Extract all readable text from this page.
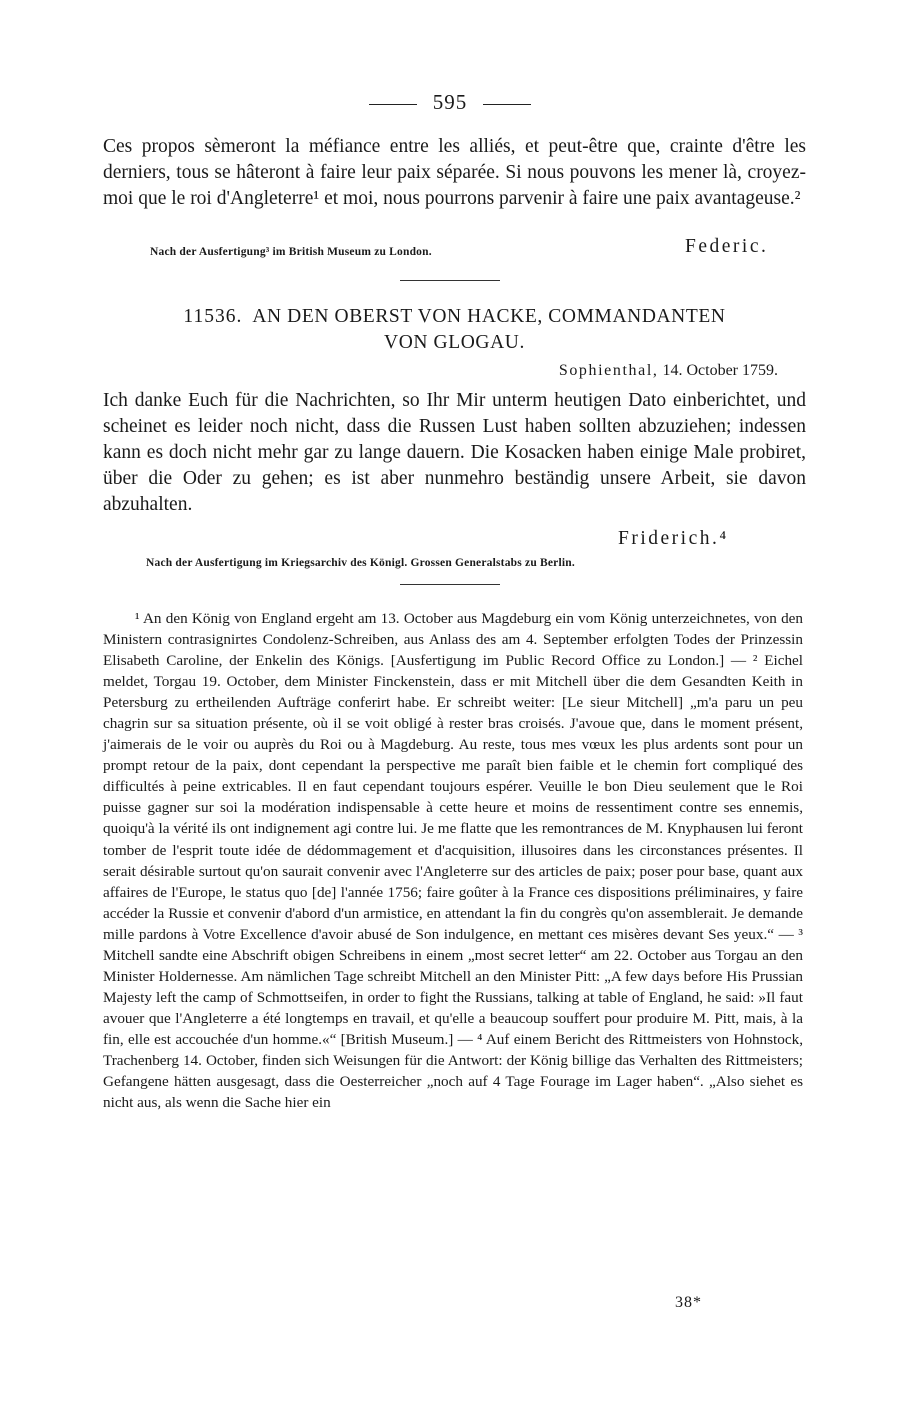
595
Ces propos sèmeront la méfiance entre les alliés, et peut-être que, crainte d'être les derniers, tous se hâteront à faire leur paix séparée. Si nous pouvons les mener là, croyez-moi que le roi d'Angleterre¹ et moi, nous pourrons parvenir à faire une paix avantageuse.²
Nach der Ausfertigung³ im British Museum zu London.	Federic.
11536. AN DEN OBERST VON HACKE, COMMANDANTEN
VON GLOGAU.
Sophienthal, 14. October 1759.
Ich danke Euch für die Nachrichten, so Ihr Mir unterm heutigen Dato einberichtet, und scheinet es leider noch nicht, dass die Russen Lust haben sollten abzuziehen; indessen kann es doch nicht mehr gar zu lange dauern. Die Kosacken haben einige Male probiret, über die Oder zu gehen; es ist aber nunmehro beständig unsere Arbeit, sie davon abzuhalten.
Friderich.⁴
Nach der Ausfertigung im Kriegsarchiv des Königl. Grossen Generalstabs zu Berlin.
¹ An den König von England ergeht am 13. October aus Magdeburg ein vom König unterzeichnetes, von den Ministern contrasignirtes Condolenz-Schreiben, aus Anlass des am 4. September erfolgten Todes der Prinzessin Elisabeth Caroline, der Enkelin des Königs. [Ausfertigung im Public Record Office zu London.] — ² Eichel meldet, Torgau 19. October, dem Minister Finckenstein, dass er mit Mitchell über die dem Gesandten Keith in Petersburg zu ertheilenden Aufträge conferirt habe. Er schreibt weiter: [Le sieur Mitchell] „m'a paru un peu chagrin sur sa situation présente, où il se voit obligé à rester bras croisés. J'avoue que, dans le moment présent, j'aimerais de le voir ou auprès du Roi ou à Magdeburg. Au reste, tous mes vœux les plus ardents sont pour un prompt retour de la paix, dont cependant la perspective me paraît bien faible et le chemin fort compliqué des difficultés à peine extricables. Il en faut cependant toujours espérer. Veuille le bon Dieu seulement que le Roi puisse gagner sur soi la modération indispensable à cette heure et moins de ressentiment contre ses ennemis, quoiqu'à la vérité ils ont indignement agi contre lui. Je me flatte que les remontrances de M. Knyphausen lui feront tomber de l'esprit toute idée de dédommagement et d'acquisition, illusoires dans les circonstances présentes. Il serait désirable surtout qu'on saurait convenir avec l'Angleterre sur des articles de paix; poser pour base, quant aux affaires de l'Europe, le status quo [de] l'année 1756; faire goûter à la France ces dispositions préliminaires, y faire accéder la Russie et convenir d'abord d'un armistice, en attendant la fin du congrès qu'on assemblerait. Je demande mille pardons à Votre Excellence d'avoir abusé de Son indulgence, en mettant ces misères devant Ses yeux.“ — ³ Mitchell sandte eine Abschrift obigen Schreibens in einem „most secret letter“ am 22. October aus Torgau an den Minister Holdernesse. Am nämlichen Tage schreibt Mitchell an den Minister Pitt: „A few days before His Prussian Majesty left the camp of Schmottseifen, in order to fight the Russians, talking at table of England, he said: »Il faut avouer que l'Angleterre a été longtemps en travail, et qu'elle a beaucoup souffert pour produire M. Pitt, mais, à la fin, elle est accouchée d'un homme.«“ [British Museum.] — ⁴ Auf einem Bericht des Rittmeisters von Hohnstock, Trachenberg 14. October, finden sich Weisungen für die Antwort: der König billige das Verhalten des Rittmeisters; Gefangene hätten ausgesagt, dass die Oesterreicher „noch auf 4 Tage Fourage im Lager haben“. „Also siehet es nicht aus, als wenn die Sache hier ein
38*
